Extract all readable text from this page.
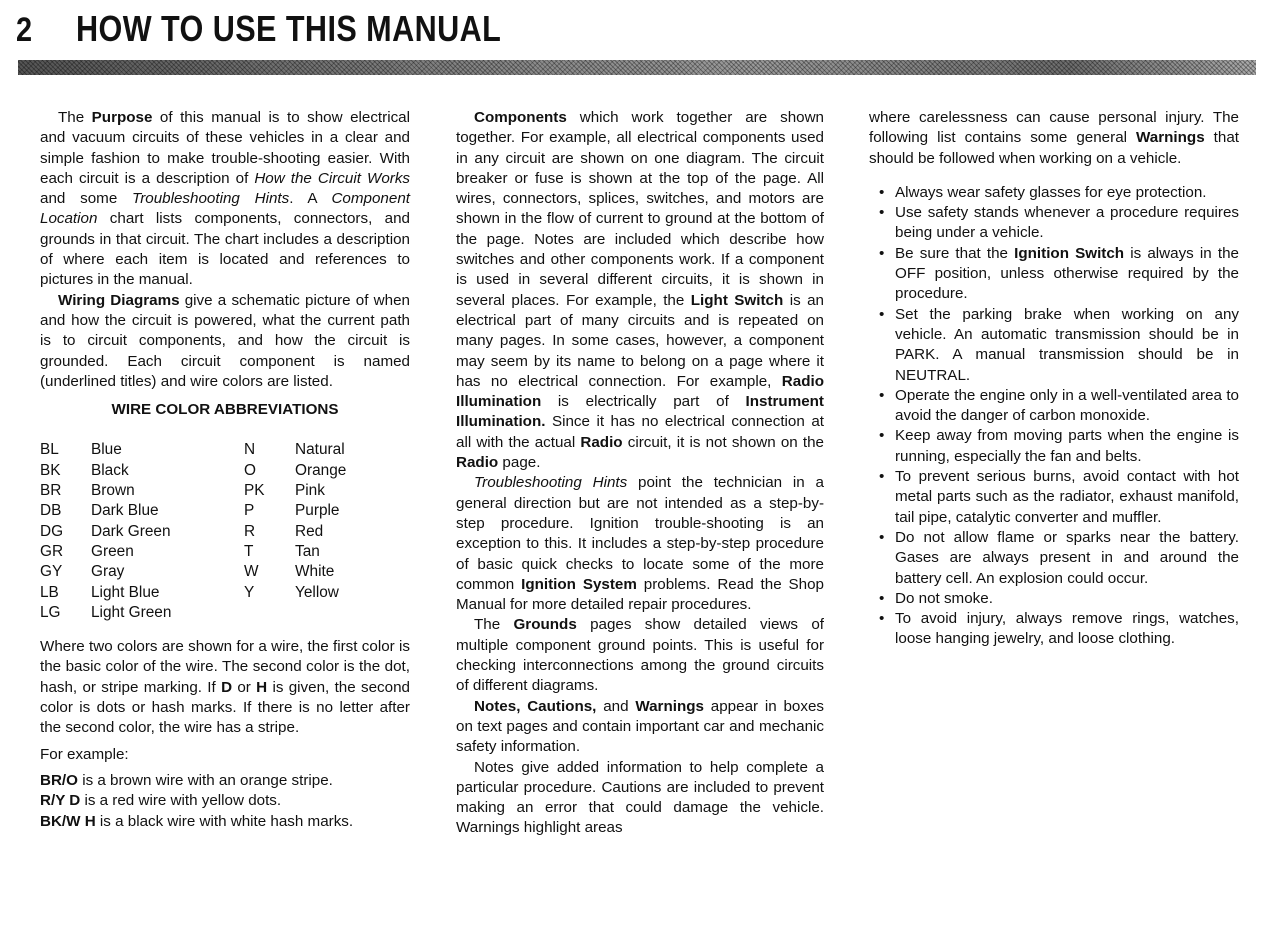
2	HOW TO USE THIS MANUAL

The Purpose of this manual is to show electrical and vacuum circuits of these vehicles in a clear and simple fashion to make trouble-shooting easier. With each circuit is a description of How the Circuit Works and some Troubleshooting Hints. A Component Location chart lists components, connectors, and grounds in that circuit. The chart includes a description of where each item is located and references to pictures in the manual.

Wiring Diagrams give a schematic picture of when and how the circuit is powered, what the current path is to circuit components, and how the circuit is grounded. Each circuit component is named (underlined titles) and wire colors are listed.

WIRE COLOR ABBREVIATIONS
BL	Blue	N	Natural
BK	Black	O	Orange
BR	Brown	PK	Pink
DB	Dark Blue	P	Purple
DG	Dark Green	R	Red
GR	Green	T	Tan
GY	Gray	W	White
LB	Light Blue	Y	Yellow
LG	Light Green		

Where two colors are shown for a wire, the first color is the basic color of the wire. The second color is the dot, hash, or stripe marking. If D or H is given, the second color is dots or hash marks. If there is no letter after the second color, the wire has a stripe.

For example:

BR/O is a brown wire with an orange stripe.

R/Y D is a red wire with yellow dots.

BK/W H is a black wire with white hash marks.

Components which work together are shown together. For example, all electrical components used in any circuit are shown on one diagram. The circuit breaker or fuse is shown at the top of the page. All wires, connectors, splices, switches, and motors are shown in the flow of current to ground at the bottom of the page. Notes are included which describe how switches and other components work. If a component is used in several different circuits, it is shown in several places. For example, the Light Switch is an electrical part of many circuits and is repeated on many pages. In some cases, however, a component may seem by its name to belong on a page where it has no electrical connection. For example, Radio Illumination is electrically part of Instrument Illumination. Since it has no electrical connection at all with the actual Radio circuit, it is not shown on the Radio page.

Troubleshooting Hints point the technician in a general direction but are not intended as a step-by-step procedure. Ignition trouble-shooting is an exception to this. It includes a step-by-step procedure of basic quick checks to locate some of the more common Ignition System problems. Read the Shop Manual for more detailed repair procedures.

The Grounds pages show detailed views of multiple component ground points. This is useful for checking interconnections among the ground circuits of different diagrams.

Notes, Cautions, and Warnings appear in boxes on text pages and contain important car and mechanic safety information.

Notes give added information to help complete a particular procedure. Cautions are included to prevent making an error that could damage the vehicle. Warnings highlight areas

where carelessness can cause personal injury. The following list contains some general Warnings that should be followed when working on a vehicle.

• Always wear safety glasses for eye protection.
• Use safety stands whenever a procedure requires being under a vehicle.
• Be sure that the Ignition Switch is always in the OFF position, unless otherwise required by the procedure.
• Set the parking brake when working on any vehicle. An automatic transmission should be in PARK. A manual transmission should be in NEUTRAL.
• Operate the engine only in a well-ventilated area to avoid the danger of carbon monoxide.
• Keep away from moving parts when the engine is running, especially the fan and belts.
• To prevent serious burns, avoid contact with hot metal parts such as the radiator, exhaust manifold, tail pipe, catalytic converter and muffler.
• Do not allow flame or sparks near the battery. Gases are always present in and around the battery cell. An explosion could occur.
• Do not smoke.
• To avoid injury, always remove rings, watches, loose hanging jewelry, and loose clothing.
